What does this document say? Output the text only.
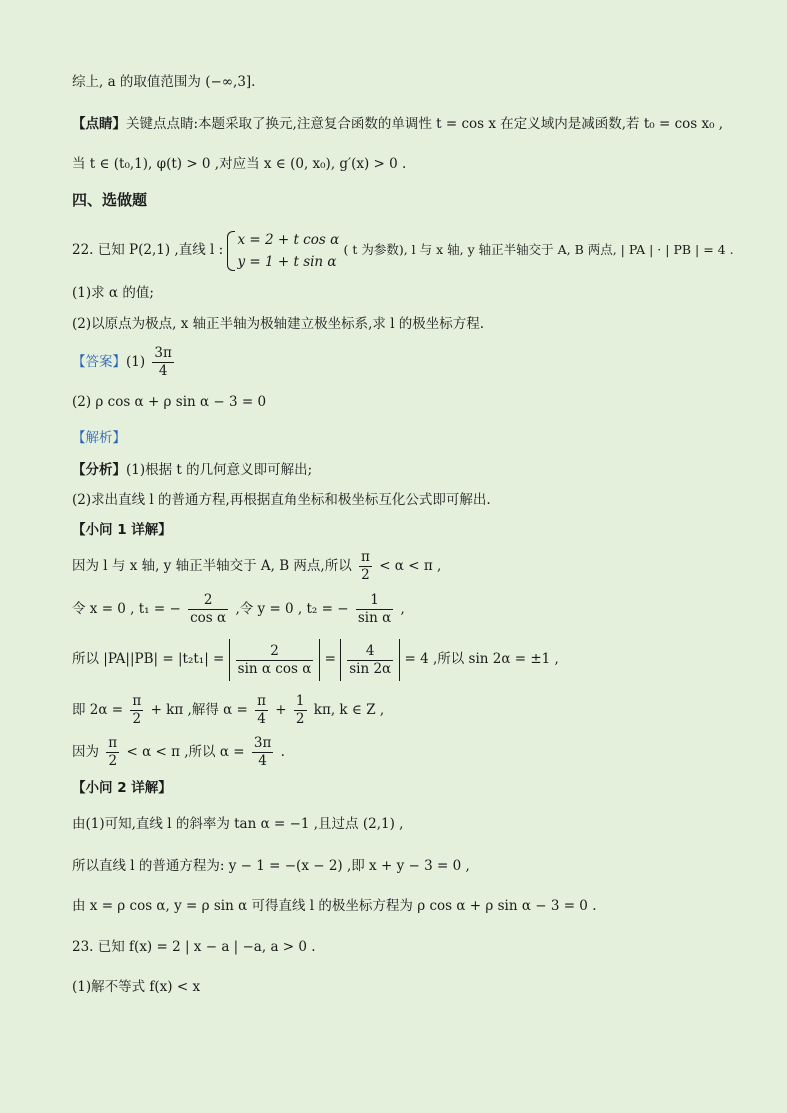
综上, a 的取值范围为 (−∞,3].
【点睛】关键点点睛:本题采取了换元,注意复合函数的单调性 t = cos x 在定义域内是减函数,若 t₀ = cos x₀ ,
当 t ∈ (t₀,1), φ(t) > 0 ,对应当 x ∈ (0, x₀), g′(x) > 0 .
四、选做题
22. 已知 P(2,1) ,直线 l :
x = 2 + t cos α
y = 1 + t sin α
( t 为参数), l 与 x 轴, y 轴正半轴交于 A, B 两点, | PA | · | PB | = 4 .
(1)求 α 的值;
(2)以原点为极点, x 轴正半轴为极轴建立极坐标系,求 l 的极坐标方程.
【答案】$(1) \frac{3\pi}{4}$
(2) ρ cos α + ρ sin α − 3 = 0
【解析】
【分析】(1)根据 t 的几何意义即可解出;
(2)求出直线 l 的普通方程,再根据直角坐标和极坐标互化公式即可解出.
【小问 1 详解】
因为 l 与 x 轴, y 轴正半轴交于 A, B 两点,所以 $\frac{\pi}{2} < \alpha < \pi$ ,
令 x = 0 , t₁ = − $\frac{2}{\text{cos α}}$ ,令 y = 0 , t₂ = − $\frac{1}{\text{sin α}}$ ,
所以 $|PA||PB| = |t_2t_1| = \frac{2}{\text{sin α cos α}} = \frac{4}{\sin 2\alpha} = 4$ ,所以 sin 2α = ±1 ,
即 $2\alpha = \frac{\pi}{2} + k\pi$ ,解得 $\alpha = \frac{\pi}{4} + \frac{1}{2} k\pi$, k ∈ Z ,
因为 $\frac{\pi}{2} < \alpha < \pi$ ,所以 $\alpha = \frac{3\pi}{4}$ .
【小问 2 详解】
由(1)可知,直线 l 的斜率为 tan α = −1 ,且过点 (2,1) ,
所以直线 l 的普通方程为: y − 1 = −(x − 2) ,即 x + y − 3 = 0 ,
由 x = ρ cos α, y = ρ sin α 可得直线 l 的极坐标方程为 ρ cos α + ρ sin α − 3 = 0 .
23. 已知 f(x) = 2 | x − a | −a, a > 0 .
(1)解不等式 f(x) < x
